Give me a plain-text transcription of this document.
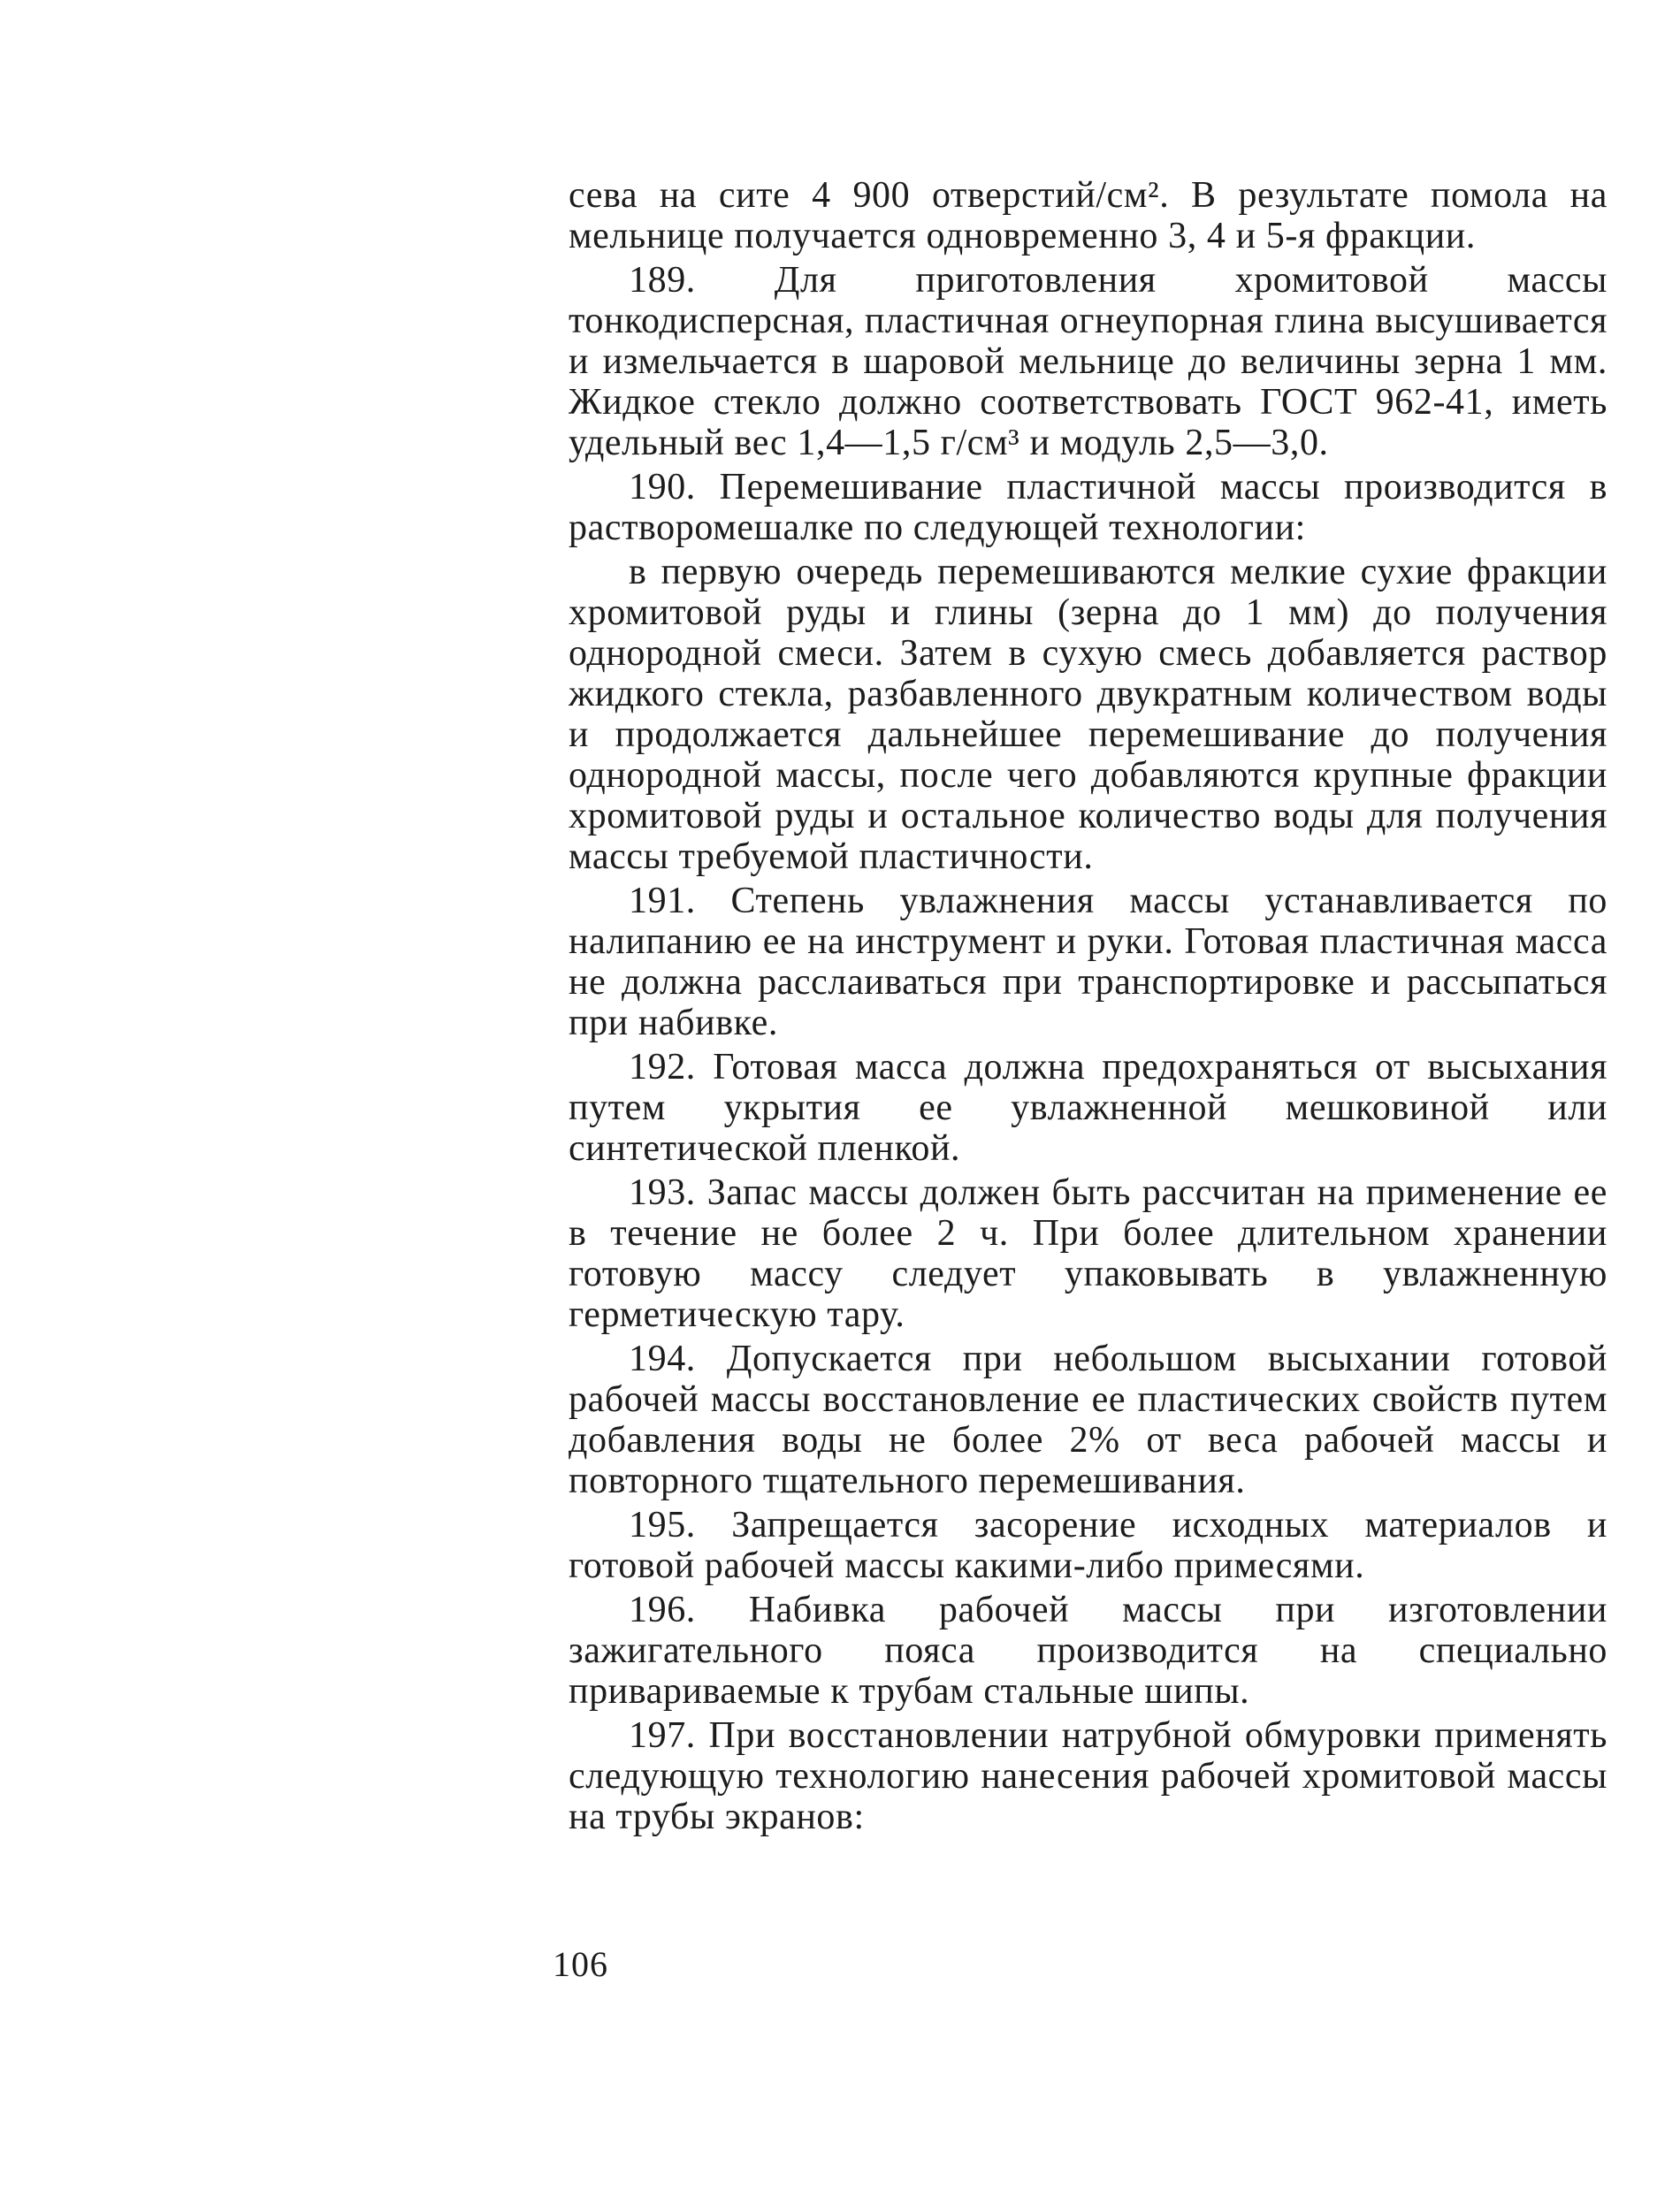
сева на сите 4 900 отверстий/см². В результате помола на мельнице получается одновременно 3, 4 и 5-я фракции.

189. Для приготовления хромитовой массы тонкодисперсная, пластичная огнеупорная глина высушивается и измельчается в шаровой мельнице до величины зерна 1 мм. Жидкое стекло должно соответствовать ГОСТ 962-41, иметь удельный вес 1,4—1,5 г/см³ и модуль 2,5—3,0.

190. Перемешивание пластичной массы производится в растворомешалке по следующей технологии:

в первую очередь перемешиваются мелкие сухие фракции хромитовой руды и глины (зерна до 1 мм) до получения однородной смеси. Затем в сухую смесь добавляется раствор жидкого стекла, разбавленного двукратным количеством воды и продолжается дальнейшее перемешивание до получения однородной массы, после чего добавляются крупные фракции хромитовой руды и остальное количество воды для получения массы требуемой пластичности.

191. Степень увлажнения массы устанавливается по налипанию ее на инструмент и руки. Готовая пластичная масса не должна расслаиваться при транспортировке и рассыпаться при набивке.

192. Готовая масса должна предохраняться от высыхания путем укрытия ее увлажненной мешковиной или синтетической пленкой.

193. Запас массы должен быть рассчитан на применение ее в течение не более 2 ч. При более длительном хранении готовую массу следует упаковывать в увлажненную герметическую тару.

194. Допускается при небольшом высыхании готовой рабочей массы восстановление ее пластических свойств путем добавления воды не более 2% от веса рабочей массы и повторного тщательного перемешивания.

195. Запрещается засорение исходных материалов и готовой рабочей массы какими-либо примесями.

196. Набивка рабочей массы при изготовлении зажигательного пояса производится на специально привариваемые к трубам стальные шипы.

197. При восстановлении натрубной обмуровки применять следующую технологию нанесения рабочей хромитовой массы на трубы экранов:

106
